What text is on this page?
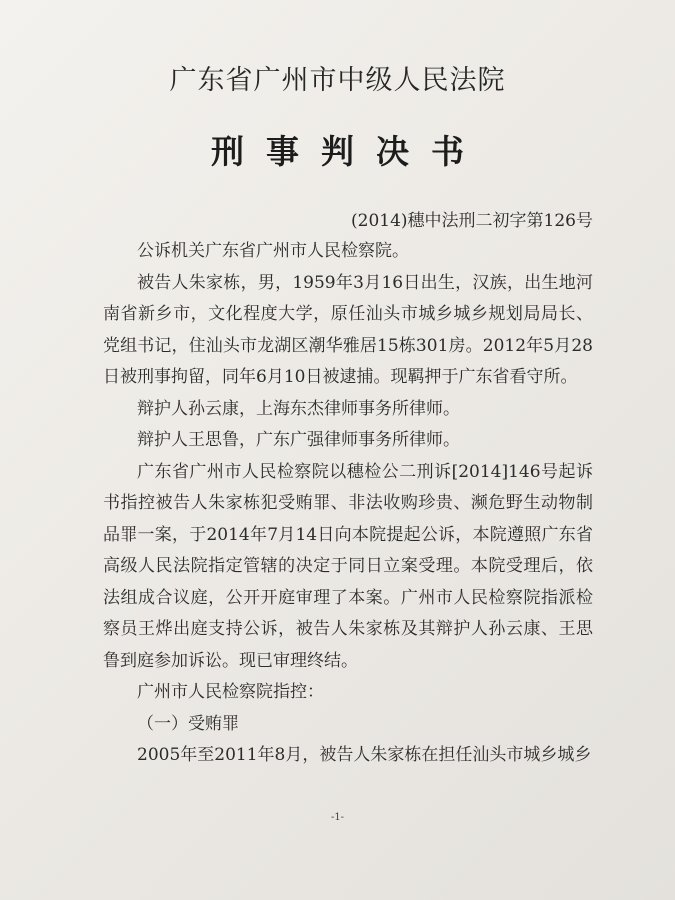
广东省广州市中级人民法院
刑事判决书
(2014)穗中法刑二初字第126号

公诉机关广东省广州市人民检察院。

被告人朱家栋，男，1959年3月16日出生，汉族，出生地河南省新乡市，文化程度大学，原任汕头市城乡城乡规划局局长、党组书记，住汕头市龙湖区潮华雅居15栋301房。2012年5月28日被刑事拘留，同年6月10日被逮捕。现羁押于广东省看守所。

辩护人孙云康，上海东杰律师事务所律师。

辩护人王思鲁，广东广强律师事务所律师。

广东省广州市人民检察院以穗检公二刑诉[2014]146号起诉书指控被告人朱家栋犯受贿罪、非法收购珍贵、濒危野生动物制品罪一案，于2014年7月14日向本院提起公诉，本院遵照广东省高级人民法院指定管辖的决定于同日立案受理。本院受理后，依法组成合议庭，公开开庭审理了本案。广州市人民检察院指派检察员王烨出庭支持公诉，被告人朱家栋及其辩护人孙云康、王思鲁到庭参加诉讼。现已审理终结。

广州市人民检察院指控：

（一）受贿罪

2005年至2011年8月，被告人朱家栋在担任汕头市城乡城乡

-1-
